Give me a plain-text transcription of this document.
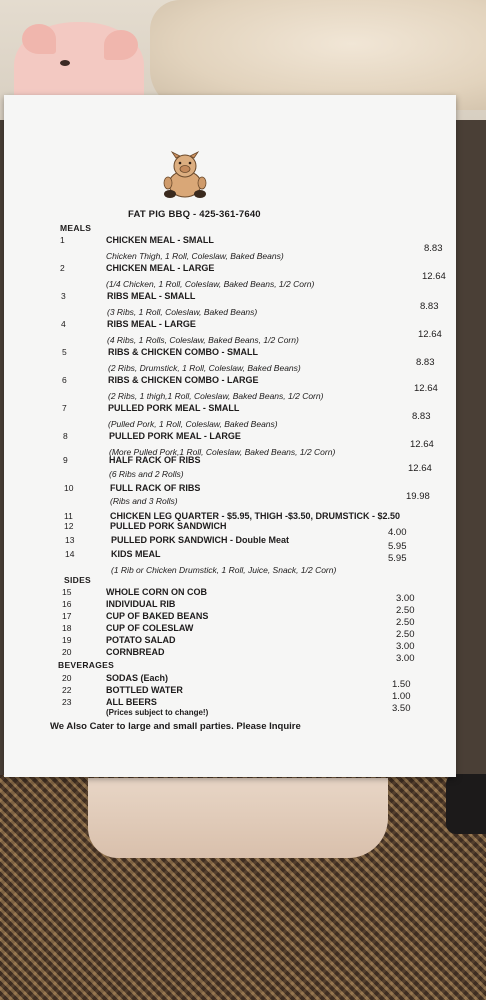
FAT PIG BBQ - 425-361-7640
MEALS
1	CHICKEN MEAL - SMALL
Chicken Thigh, 1 Roll, Coleslaw, Baked Beans)
8.83
2	CHICKEN MEAL - LARGE
(1/4 Chicken, 1 Roll, Coleslaw, Baked Beans, 1/2 Corn)
12.64
3	RIBS MEAL - SMALL
(3 Ribs, 1 Roll, Coleslaw, Baked Beans)	8.83
4	RIBS MEAL - LARGE
(4 Ribs, 1 Rolls, Coleslaw, Baked Beans, 1/2 Corn)	12.64
5	RIBS & CHICKEN COMBO - SMALL
(2 Ribs, Drumstick, 1 Roll, Coleslaw, Baked Beans)	8.83
6	RIBS & CHICKEN COMBO - LARGE
(2 Ribs, 1 thigh,1 Roll, Coleslaw, Baked Beans, 1/2 Corn)
12.64
7	PULLED PORK MEAL - SMALL
(Pulled Pork, 1 Roll, Coleslaw, Baked Beans)
8.83
8	PULLED PORK MEAL - LARGE
(More Pulled Pork,1 Roll, Coleslaw, Baked Beans, 1/2 Corn)
12.64
9	HALF RACK OF RIBS
(6 Ribs and 2 Rolls)	12.64
10	FULL RACK OF RIBS
(Ribs and 3 Rolls)	19.98
11	CHICKEN LEG QUARTER - $5.95, THIGH -$3.50, DRUMSTICK - $2.50
12	PULLED PORK SANDWICH
4.00
13	PULLED PORK SANDWICH - Double Meat
5.95
14	KIDS MEAL
(1 Rib or Chicken Drumstick, 1 Roll, Juice, Snack, 1/2 Corn)
5.95
SIDES
15	WHOLE CORN ON COB
3.00
16	INDIVIDUAL RIB
2.50
17	CUP OF BAKED BEANS
2.50
18	CUP OF COLESLAW
2.50
19	POTATO SALAD
3.00
20	CORNBREAD
3.00
BEVERAGES
20	SODAS (Each)
1.50
22	BOTTLED WATER
1.00
23	ALL BEERS
3.50
(Prices subject to change!)
We Also Cater to large and small parties. Please Inquire
